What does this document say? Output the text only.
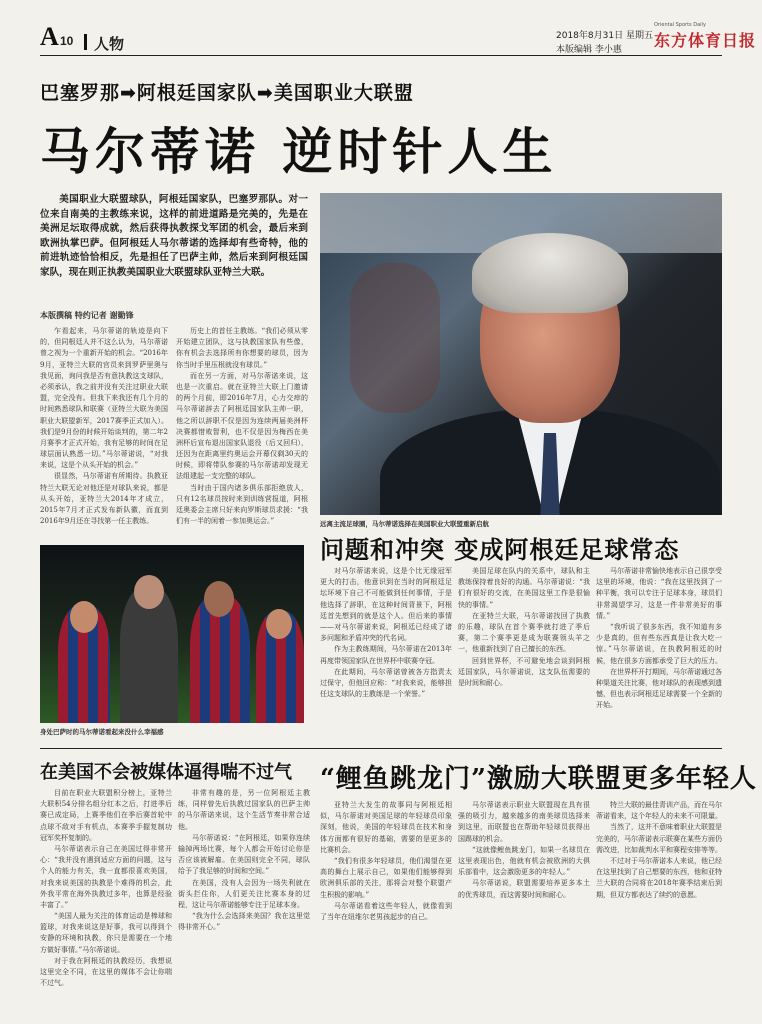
A 10 人物	2018年8月31日 星期五
本版编辑 李小惠
Oriental Sports Daily
东方体育日报
巴塞罗那➡阿根廷国家队➡美国职业大联盟
马尔蒂诺 逆时针人生
美国职业大联盟球队，阿根廷国家队，巴塞罗那队。对一位来自南美的主教练来说，这样的前进道路是完美的，先是在美洲足坛取得成就，然后获得执教探戈军团的机会，最后来到欧洲执掌巴萨。但阿根廷人马尔蒂诺的选择却有些奇特，他的前进轨迹恰恰相反，先是担任了巴萨主帅，然后来到阿根廷国家队，现在则正执教美国职业大联盟球队亚特兰大联。
本版撰稿 特约记者 谢勤锋

乍看起来，马尔蒂诺的轨迹是向下的，但同根廷人并不这么认为，马尔蒂诺曾之视为一个重新开始的机会。“2016年9月，亚特兰大联的官员来到罗萨里奥与我见面，询问我是否有意执教这支球队，必须承认，我之前并没有关注过职业大联盟，完全没有。但我下来我还有几个月的时间熟悉球队和联赛（亚特兰大联为美国职业大联盟新军，2017赛季正式加入）。我们是9月份的时候开始谈判的，第二年2月赛季才正式开始，我有足够的时间在足球层面认熟悉一切。”马尔蒂诺说，“对我来说，这是个从头开始的机会。”

很显然，马尔蒂诺有所期待。执教亚特兰大联无论对他还是对球队来说，都是从头开始，亚特兰大2014年才成立，2015年7月才正式发布新队徽，而直到2016年9月还在寻找第一任主教练。

历史上的首任主教练。“我们必须从零开始建立团队，这与执教国家队有些像，你有机会去选择所有你想要的球员，因为你当时手里压根就没有球员。”

而在另一方面，对马尔蒂诺来说，这也是一次重启。就在亚特兰大联上门邀请的两个月前，即2016年7月，心力交瘁的马尔蒂诺辞去了阿根廷国家队主帅一职，他之所以辞职不仅是因为连续两届美洲杯决赛都惜败智利，也不仅是因为梅西在美洲杯后宣布退出国家队退役（后又回归），还因为在距离里约奥运会开幕仅剩30天的时候，即将带队参赛的马尔蒂诺却发现无法组建起一支完整的球队。

当时由于国内诸多俱乐部拒绝放人，只有12名球员按时来到训练营报道，阿根廷奥委会主席只好来向罗斯球员求援：“我们有一半的闲着一参加奥运会。”	远离主流足球圈，马尔蒂诺选择在美国职业大联盟重新启航
问题和冲突 变成阿根廷足球常态

对马尔蒂诺来说，这是个比无缘冠军更大的打击，他意识到在当时的阿根廷足坛环境下自己不可能做到任何事情，于是他选择了辞职，在这种时间背景下，阿根廷首先想到的就是这个人。但后来的事情——对马尔蒂诺来说，阿根廷已经成了诸多问题和矛盾冲突的代名词。

作为主教练期间，马尔蒂诺在2013年再度带领国家队在世界杯中联赛夺冠。

在此期间，马尔蒂诺曾被各方指责太过保守，但他回应称：“对我来说，能够担任这支球队的主教练是一个荣誉。”

美国足球在队内的关系中，球队和主教练保持着良好的沟通。马尔蒂诺说：“我们有很好的交流，在美国这里工作是很愉快的事情。”

在亚特兰大联，马尔蒂诺找回了执教的乐趣，球队在首个赛季就打进了季后赛，第二个赛季更是成为联赛领头羊之一，他重新找到了自己擅长的东西。

回到世界杯，不可避免地会谈到阿根廷国家队，马尔蒂诺说，这支队伍需要的是时间和耐心。

马尔蒂诺非常愉快地表示自己很享受这里的环境，他说：“我在这里找到了一种平衡，我可以专注于足球本身，球员们非常渴望学习，这是一件非常美好的事情。”

“我听说了很多东西，我不知道有多少是真的，但有些东西真是让我大吃一惊。”马尔蒂诺说，在执教阿根廷的时候，他在很多方面都承受了巨大的压力。

在世界杯开打期间，马尔蒂诺通过各种渠道关注比赛，他对球队的表现感到遗憾，但也表示阿根廷足球需要一个全新的开始。

身处巴萨时的马尔蒂诺看起来没什么幸福感
在美国不会被媒体逼得喘不过气 “鲤鱼跳龙门”激励大联盟更多年轻人

目前在职业大联盟积分榜上，亚特兰大联积54分排名组分红本之后，打进季后赛已成定局，上赛季他们在季后赛首轮中点球不敌对手有机点，本赛季手握复制功冠军奖杯复制的。

马尔蒂诺表示自己在美国过得非常开心：“我并没有遇到适应方面的问题，这与个人的能力有关，我一直都很喜欢美国，对我来说美国的执教是个难得的机会，此外我平常在海外执教过多年，也算是经验丰富了。”

“美国人最为关注的体育运动是棒球和篮球，对我来说这是好事，我可以得到个安静的环境和执教，你只是需要在一个地方做好事情。”马尔蒂诺说。

对于我在阿根廷的执教经历，我想说这里完全不同，在这里的媒体不会让你喘不过气。

非常有趣的是，另一位阿根廷主教练，同样曾先后执教过国家队的巴萨主帅的马尔蒂诺来说，这个生活节奏非常合适他。

马尔蒂诺说：“在阿根廷，如果你连续输掉两场比赛，每个人都会开始讨论你是否应该被解雇。在美国则完全不同，球队给予了我足够的时间和空间。”

在美国，没有人会因为一场失利就在街头拦住你，人们更关注比赛本身的过程，这让马尔蒂诺能够专注于足球本身。

“我为什么会选择来美国？我在这里觉得非常开心。”

亚特兰大发生的故事同与阿根廷相似，马尔蒂诺对美国足球的年轻球员印象深刻，他说，美国的年轻球员在技术和身体方面都有很好的基础，需要的是更多的比赛机会。

“我们有很多年轻球员，他们渴望在更高的舞台上展示自己，如果他们能够得到欧洲俱乐部的关注，那将会对整个联盟产生积极的影响。”

马尔蒂诺看着这些年轻人，就像看到了当年在纽维尔老男孩起步的自己。

马尔蒂诺表示职业大联盟现在具有很强的吸引力，越来越多的南美球员选择来到这里，而联盟也在帮助年轻球员获得出国踢球的机会。

“这就像鲤鱼跳龙门，如果一名球员在这里表现出色，他就有机会被欧洲的大俱乐部看中，这会激励更多的年轻人。”

马尔蒂诺说，联盟需要培养更多本土的优秀球员，而这需要时间和耐心。

特兰大联的最佳青训产品，而在马尔蒂诺看来，这个年轻人的未来不可限量。

当然了，这并不意味着职业大联盟是完美的，马尔蒂诺表示联赛在某些方面仍需改进，比如裁判水平和赛程安排等等。

不过对于马尔蒂诺本人来说，他已经在这里找到了自己想要的东西，他和亚特兰大联的合同将在2018年赛季结束后到期，但双方都表达了续约的意愿。
